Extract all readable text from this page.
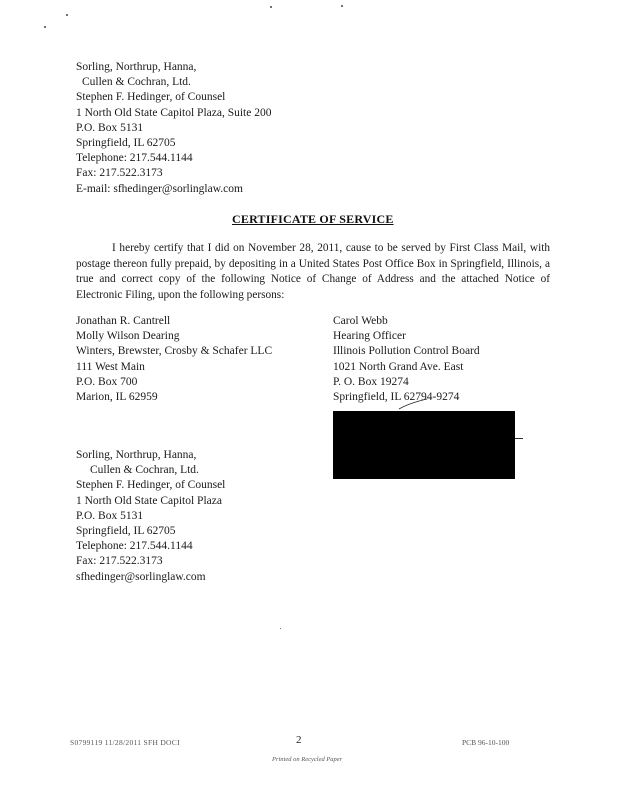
Sorling, Northrup, Hanna,
Cullen & Cochran, Ltd.
Stephen F. Hedinger, of Counsel
1 North Old State Capitol Plaza, Suite 200
P.O. Box 5131
Springfield, IL 62705
Telephone: 217.544.1144
Fax: 217.522.3173
E-mail: sfhedinger@sorlinglaw.com
CERTIFICATE OF SERVICE
I hereby certify that I did on November 28, 2011, cause to be served by First Class Mail, with postage thereon fully prepaid, by depositing in a United States Post Office Box in Springfield, Illinois, a true and correct copy of the following Notice of Change of Address and the attached Notice of Electronic Filing, upon the following persons:
Jonathan R. Cantrell
Molly Wilson Dearing
Winters, Brewster, Crosby & Schafer LLC
111 West Main
P.O. Box 700
Marion, IL 62959
Carol Webb
Hearing Officer
Illinois Pollution Control Board
1021 North Grand Ave. East
P. O. Box 19274
Springfield, IL 62794-9274
Sorling, Northrup, Hanna,
Cullen & Cochran, Ltd.
Stephen F. Hedinger, of Counsel
1 North Old State Capitol Plaza
P.O. Box 5131
Springfield, IL 62705
Telephone: 217.544.1144
Fax: 217.522.3173
sfhedinger@sorlinglaw.com
S0799119 11/28/2011 SFH DOCI	2	PCB 96-10-100
Printed on Recycled Paper
